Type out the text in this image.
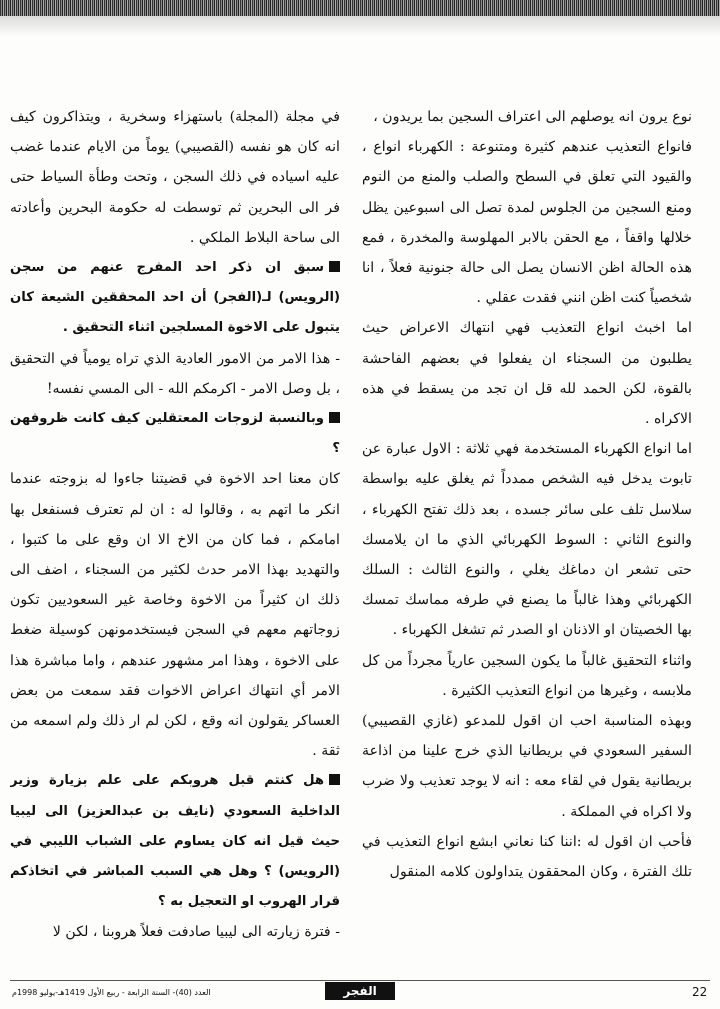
نوع يرون انه يوصلهم الى اعتراف السجين بما يريدون ،

فانواع التعذيب عندهم كثيرة ومتنوعة : الكهرباء انواع ، والقيود التي تعلق في السطح والصلب والمنع من النوم ومنع السجين من الجلوس لمدة تصل الى اسبوعين يظل خلالها واقفاً ، مع الحقن بالابر المهلوسة والمخدرة ، فمع هذه الحالة اظن الانسان يصل الى حالة جنونية فعلاً ، انا شخصياً كنت اظن انني فقدت عقلي .

اما اخبث انواع التعذيب فهي انتهاك الاعراض حيث يطلبون من السجناء ان يفعلوا في بعضهم الفاحشة بالقوة، لكن الحمد لله قل ان تجد من يسقط في هذه الاكراه .

اما انواع الكهرباء المستخدمة فهي ثلاثة : الاول عبارة عن تابوت يدخل فيه الشخص ممدداً ثم يغلق عليه بواسطة سلاسل تلف على سائر جسده ، بعد ذلك تفتح الكهرباء ، والنوع الثاني : السوط الكهربائي الذي ما ان يلامسك حتى تشعر ان دماغك يغلي ، والنوع الثالث : السلك الكهربائي وهذا غالباً ما يصنع في طرفه مماسك تمسك بها الخصيتان او الاذنان او الصدر ثم تشغل الكهرباء .

واثناء التحقيق غالباً ما يكون السجين عارياً مجرداً من كل ملابسه ، وغيرها من انواع التعذيب الكثيرة .

وبهذه المناسبة احب ان اقول للمدعو (غازي القصيبي) السفير السعودي في بريطانيا الذي خرج علينا من اذاعة بريطانية يقول في لقاء معه : انه لا يوجد تعذيب ولا ضرب ولا اكراه في المملكة .

فأحب ان اقول له :اننا كنا نعاني ابشع انواع التعذيب في تلك الفترة ، وكان المحققون يتداولون كلامه المنقول

في مجلة (المجلة) باستهزاء وسخرية ، ويتذاكرون كيف انه كان هو نفسه (القصيبي) يوماً من الايام عندما غضب عليه اسياده في ذلك السجن ، وتحت وطأة السياط حتى فر الى البحرين ثم توسطت له حكومة البحرين وأعادته الى ساحة البلاط الملكي .

سبق ان ذكر احد المفرج عنهم من سجن (الرويس) لـ(الفجر) أن احد المحققين الشيعة كان يتبول على الاخوة المسلجين اثناء التحقيق .

- هذا الامر من الامور العادية الذي تراه يومياً في التحقيق ، بل وصل الامر - اكرمكم الله - الى المسي نفسه!

وبالنسبة لزوجات المعتقلين كيف كانت ظروفهن ؟

كان معنا احد الاخوة في قضيتنا جاءوا له بزوجته عندما انكر ما اتهم به ، وقالوا له : ان لم تعترف فسنفعل بها امامكم ، فما كان من الاخ الا ان وقع على ما كتبوا ، والتهديد بهذا الامر حدث لكثير من السجناء ، اضف الى ذلك ان كثيراً من الاخوة وخاصة غير السعوديين تكون زوجاتهم معهم في السجن فيستخدمونهن كوسيلة ضغط على الاخوة ، وهذا امر مشهور عندهم ، واما مباشرة هذا الامر أي انتهاك اعراض الاخوات فقد سمعت من بعض العساكر يقولون انه وقع ، لكن لم ار ذلك ولم اسمعه من ثقة .

هل كنتم قبل هروبكم على علم بزيارة وزير الداخلية السعودي (نايف بن عبدالعزيز) الى ليبيا حيث قيل انه كان يساوم على الشباب الليبي في (الرويس) ؟ وهل هي السبب المباشر في اتخاذكم قرار الهروب او التعجيل به ؟

- فترة زيارته الى ليبيا صادفت فعلاً هروبنا ، لكن لا

22
الفجر
العدد (40)- السنة الرابعة - ربيع الأول 1419هـ-يوليو 1998م
